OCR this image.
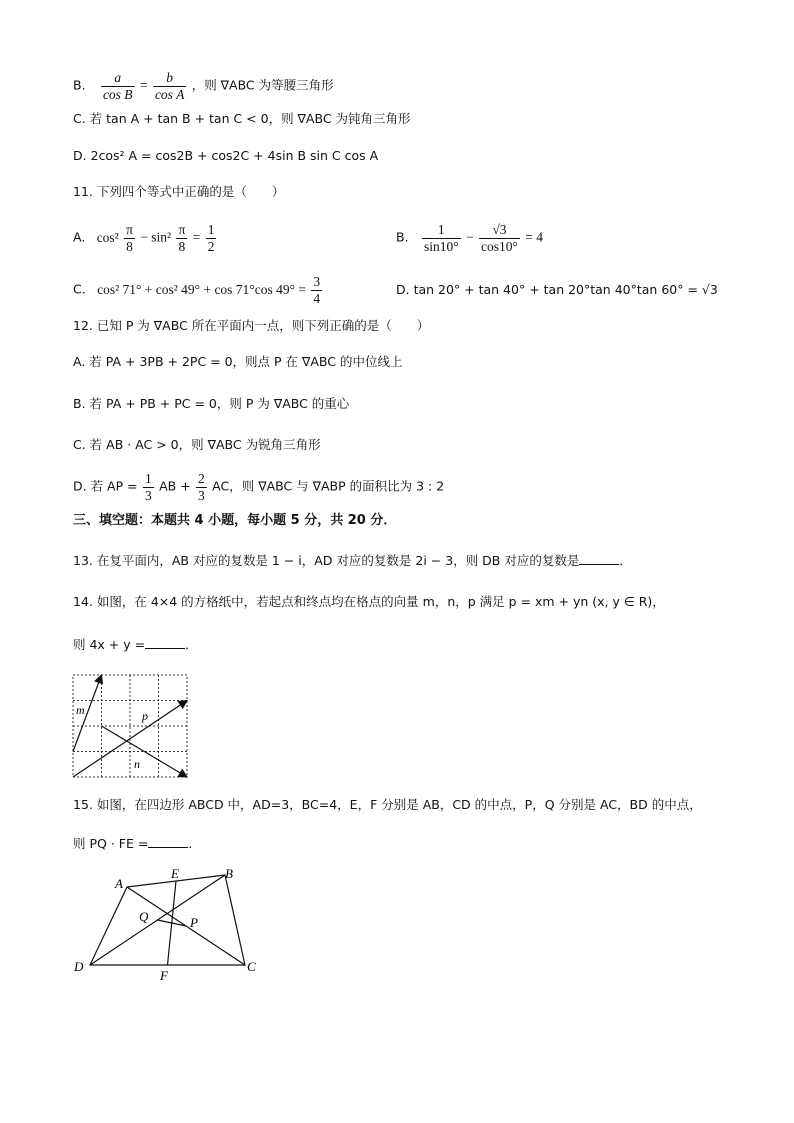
B. $\frac{a}{\text{cos B}} = \frac{b}{\text{cos A}}$ ，则 ∇ABC 为等腰三角形
C. 若 tan A + tan B + tan C < 0，则 ∇ABC 为钝角三角形
D. 2cos² A = cos2B + cos2C + 4sin B sin C cos A
11. 下列四个等式中正确的是（　　）
A. $\cos^2 \frac{\pi}{8} - \sin^2 \frac{\pi}{8} = \frac{1}{2}$	B. $\frac{1}{\sin 10^\circ} - \frac{√3}{\cos 10^\circ} = 4$
C. cos² 71° + cos² 49° + cos 71°cos $49^\circ = \frac{3}{4}$	D. tan 20° + tan 40° + tan 20°tan 40°tan 60° = √3
12. 已知 P 为 ∇ABC 所在平面内一点，则下列正确的是（　　）
A. 若 PA + 3PB + 2PC = 0，则点 P 在 ∇ABC 的中位线上
B. 若 PA + PB + PC = 0，则 P 为 ∇ABC 的重心
C. 若 AB · AC > 0，则 ∇ABC 为锐角三角形
D. 若 AP = $\frac{1}{3}$ AB + $\frac{2}{3}$ AC，则 ∇ABC 与 ∇ABP 的面积比为 3 : 2
三、填空题：本题共 4 小题，每小题 5 分，共 20 分．
13. 在复平面内，AB 对应的复数是 1 − i，AD 对应的复数是 2i − 3，则 DB 对应的复数是	．
14. 如图，在 4×4 的方格纸中，若起点和终点均在格点的向量 m，n，p 满足 p = xm + yn (x, y ∈ R)，
则 4x + y =	．
m	p
n
15. 如图，在四边形 ABCD 中，AD=3，BC=4，E，F 分别是 AB，CD 的中点，P，Q 分别是 AC，BD 的中点，
则 PQ · FE =	．
A
B
C
D
E
F
P
Q
